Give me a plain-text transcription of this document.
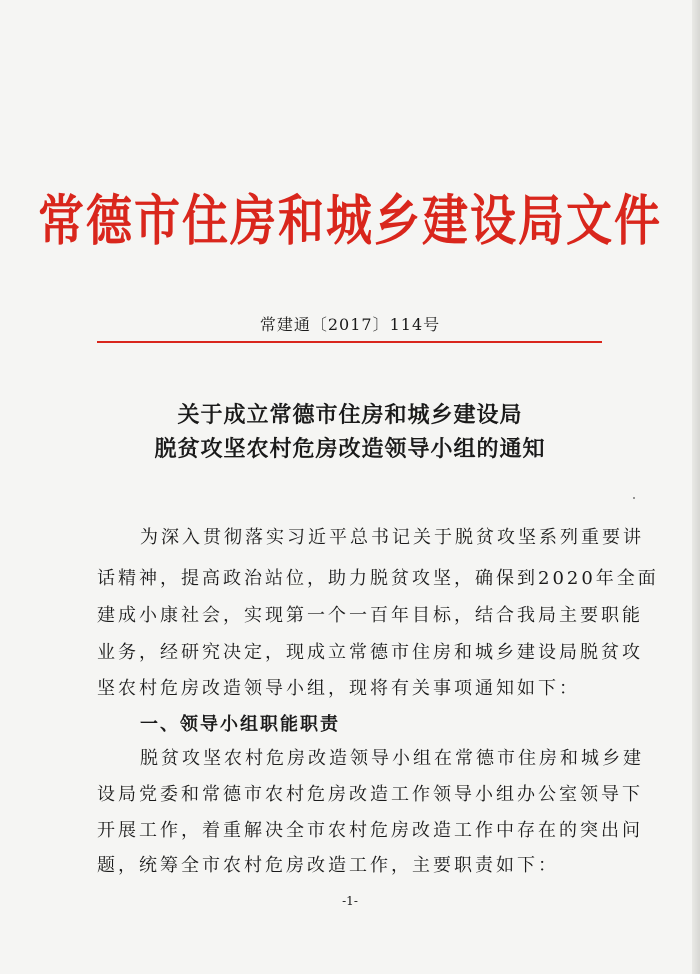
常德市住房和城乡建设局文件
常建通〔2017〕114号
关于成立常德市住房和城乡建设局
脱贫攻坚农村危房改造领导小组的通知
为深入贯彻落实习近平总书记关于脱贫攻坚系列重要讲
话精神，提高政治站位，助力脱贫攻坚，确保到2020年全面
建成小康社会，实现第一个一百年目标，结合我局主要职能
业务，经研究决定，现成立常德市住房和城乡建设局脱贫攻
坚农村危房改造领导小组，现将有关事项通知如下：
一、领导小组职能职责
脱贫攻坚农村危房改造领导小组在常德市住房和城乡建
设局党委和常德市农村危房改造工作领导小组办公室领导下
开展工作，着重解决全市农村危房改造工作中存在的突出问
题，统筹全市农村危房改造工作，主要职责如下：
-1-
